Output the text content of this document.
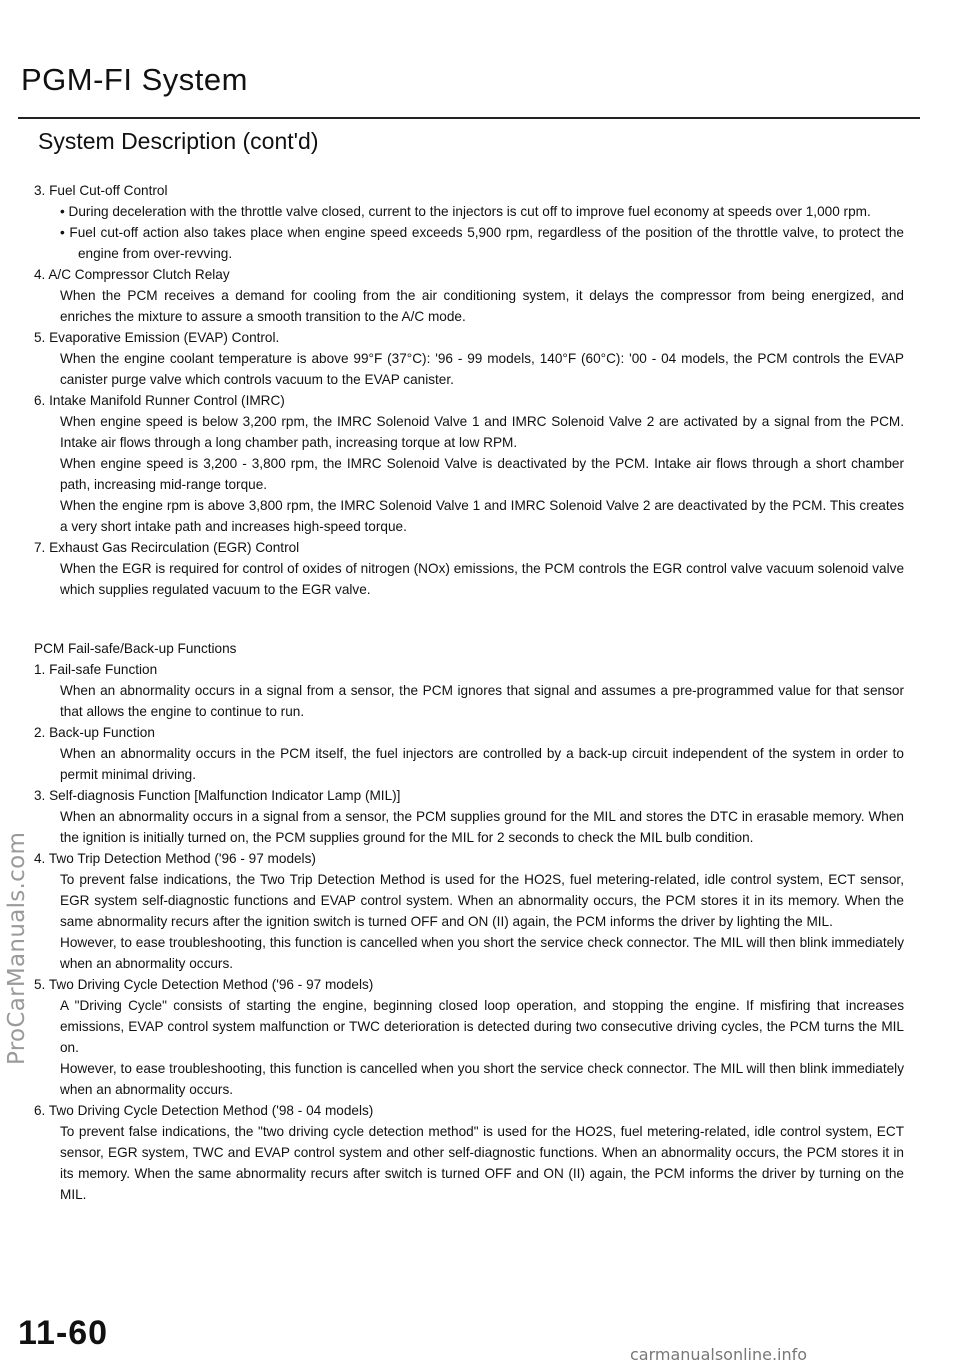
PGM-FI System
System Description (cont'd)

3. Fuel Cut-off Control

• During deceleration with the throttle valve closed, current to the injectors is cut off to improve fuel economy at speeds over 1,000 rpm.

• Fuel cut-off action also takes place when engine speed exceeds 5,900 rpm, regardless of the position of the throttle valve, to protect the engine from over-revving.

4. A/C Compressor Clutch Relay

When the PCM receives a demand for cooling from the air conditioning system, it delays the compressor from being energized, and enriches the mixture to assure a smooth transition to the A/C mode.

5. Evaporative Emission (EVAP) Control.

When the engine coolant temperature is above 99°F (37°C): '96 - 99 models, 140°F (60°C): '00 - 04 models, the PCM controls the EVAP canister purge valve which controls vacuum to the EVAP canister.

6. Intake Manifold Runner Control (IMRC)

When engine speed is below 3,200 rpm, the IMRC Solenoid Valve 1 and IMRC Solenoid Valve 2 are activated by a signal from the PCM. Intake air flows through a long chamber path, increasing torque at low RPM.

When engine speed is 3,200 - 3,800 rpm, the IMRC Solenoid Valve is deactivated by the PCM. Intake air flows through a short chamber path, increasing mid-range torque.

When the engine rpm is above 3,800 rpm, the IMRC Solenoid Valve 1 and IMRC Solenoid Valve 2 are deactivated by the PCM. This creates a very short intake path and increases high-speed torque.

7. Exhaust Gas Recirculation (EGR) Control

When the EGR is required for control of oxides of nitrogen (NOx) emissions, the PCM controls the EGR control valve vacuum solenoid valve which supplies regulated vacuum to the EGR valve.

PCM Fail-safe/Back-up Functions

1. Fail-safe Function

When an abnormality occurs in a signal from a sensor, the PCM ignores that signal and assumes a pre-programmed value for that sensor that allows the engine to continue to run.

2. Back-up Function

When an abnormality occurs in the PCM itself, the fuel injectors are controlled by a back-up circuit independent of the system in order to permit minimal driving.

3. Self-diagnosis Function [Malfunction Indicator Lamp (MIL)]

When an abnormality occurs in a signal from a sensor, the PCM supplies ground for the MIL and stores the DTC in erasable memory. When the ignition is initially turned on, the PCM supplies ground for the MIL for 2 seconds to check the MIL bulb condition.

4. Two Trip Detection Method ('96 - 97 models)

To prevent false indications, the Two Trip Detection Method is used for the HO2S, fuel metering-related, idle control system, ECT sensor, EGR system self-diagnostic functions and EVAP control system. When an abnormality occurs, the PCM stores it in its memory. When the same abnormality recurs after the ignition switch is turned OFF and ON (II) again, the PCM informs the driver by lighting the MIL.

However, to ease troubleshooting, this function is cancelled when you short the service check connector. The MIL will then blink immediately when an abnormality occurs.

5. Two Driving Cycle Detection Method ('96 - 97 models)

A "Driving Cycle" consists of starting the engine, beginning closed loop operation, and stopping the engine. If misfiring that increases emissions, EVAP control system malfunction or TWC deterioration is detected during two consecutive driving cycles, the PCM turns the MIL on.

However, to ease troubleshooting, this function is cancelled when you short the service check connector. The MIL will then blink immediately when an abnormality occurs.

6. Two Driving Cycle Detection Method ('98 - 04 models)

To prevent false indications, the "two driving cycle detection method" is used for the HO2S, fuel metering-related, idle control system, ECT sensor, EGR system, TWC and EVAP control system and other self-diagnostic functions. When an abnormality occurs, the PCM stores it in its memory. When the same abnormality recurs after switch is turned OFF and ON (II) again, the PCM informs the driver by turning on the MIL.

ProCarManuals.com
11-60
carmanualsonline.info
